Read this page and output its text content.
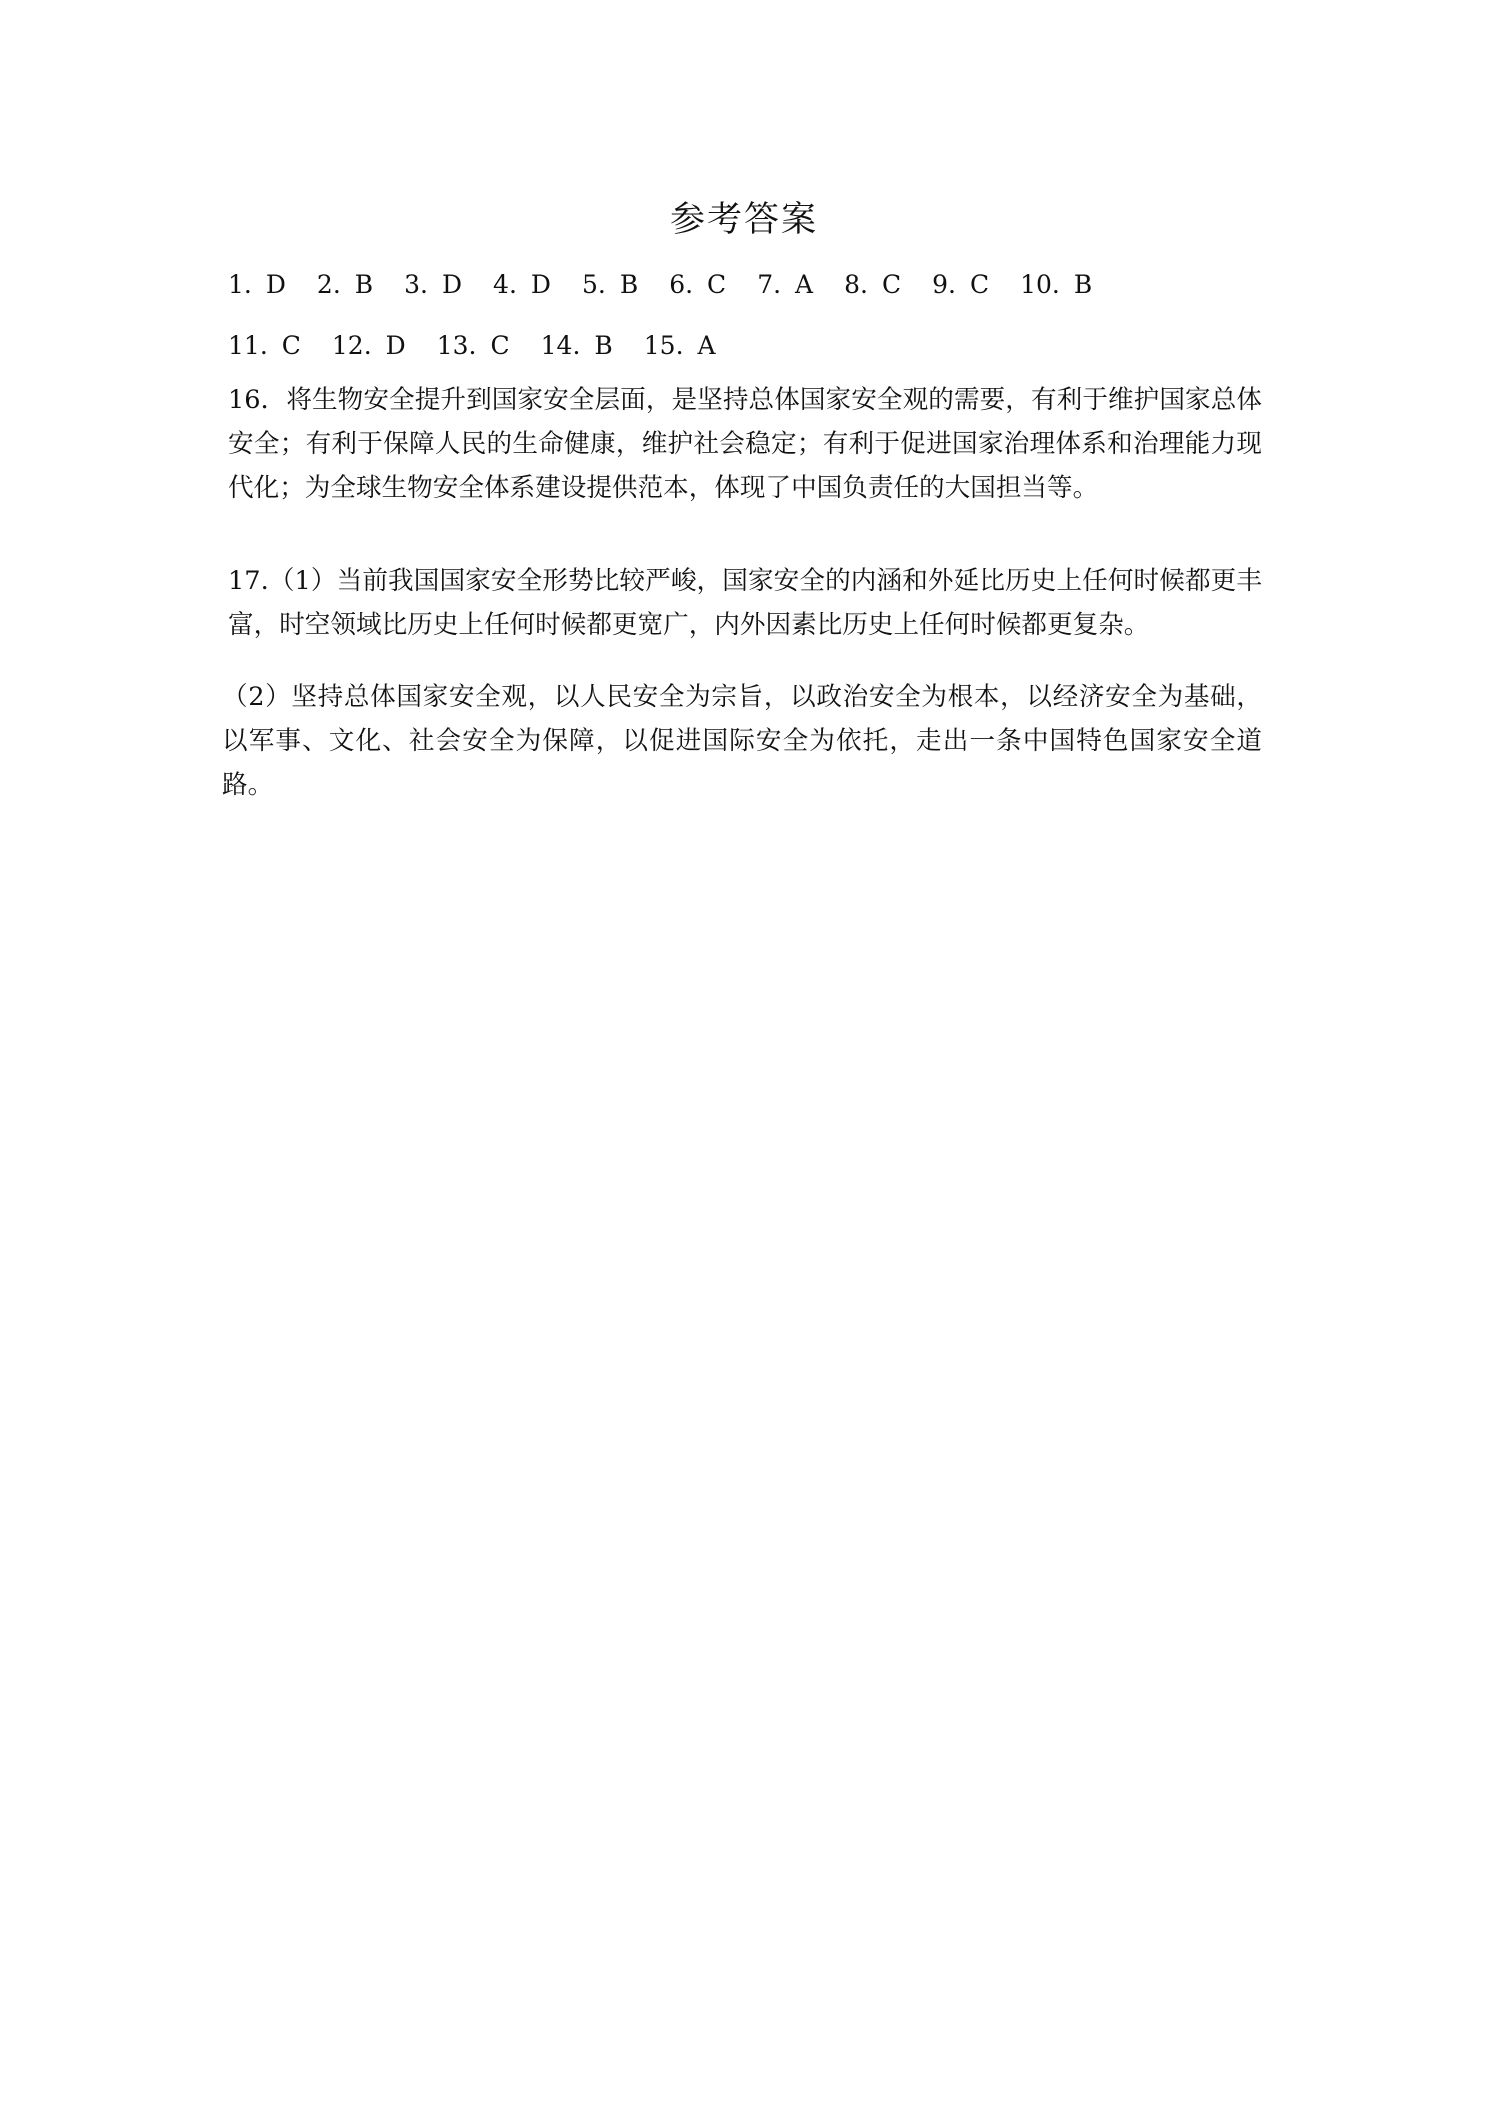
参考答案
1. D 2. B 3. D 4. D 5. B 6. C 7. A 8. C 9. C 10. B
11. C 12. D 13. C 14. B 15. A

16．将生物安全提升到国家安全层面，是坚持总体国家安全观的需要，有利于维护国家总体安全；有利于保障人民的生命健康，维护社会稳定；有利于促进国家治理体系和治理能力现代化；为全球生物安全体系建设提供范本，体现了中国负责任的大国担当等。

17.（1）当前我国国家安全形势比较严峻，国家安全的内涵和外延比历史上任何时候都更丰富，时空领域比历史上任何时候都更宽广，内外因素比历史上任何时候都更复杂。

（2）坚持总体国家安全观，以人民安全为宗旨，以政治安全为根本，以经济安全为基础，以军事、文化、社会安全为保障，以促进国际安全为依托，走出一条中国特色国家安全道路。
